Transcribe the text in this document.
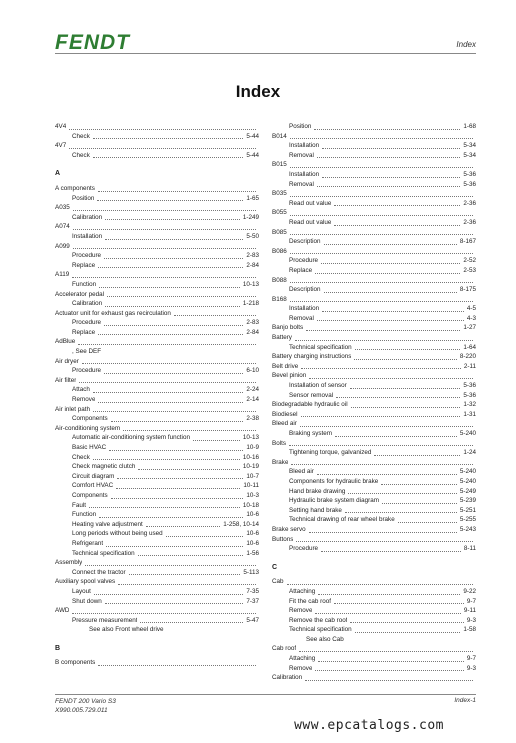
FENDT	Index
Index
4V4
Check	5-44
4V7
Check	5-44
A
A components
Position	1-65
A035
Calibration	1-249
A074
Installation	5-50
A099
Procedure	2-83
Replace	2-84
A119
Function	10-13
Accelerator pedal
Calibration	1-218
Actuator unit for exhaust gas recirculation
Procedure	2-83
Replace	2-84
AdBlue
, See DEF
Air dryer
Procedure	6-10
Air filter
Attach	2-24
Remove	2-14
Air inlet path
Components	2-38
Air-conditioning system
Automatic air-conditioning system function	10-13
Basic HVAC	10-9
Check	10-16
Check magnetic clutch	10-19
Circuit diagram	10-7
Comfort HVAC	10-11
Components	10-3
Fault	10-18
Function	10-6
Heating valve adjustment	1-258, 10-14
Long periods without being used	10-6
Refrigerant	10-6
Technical specification	1-56
Assembly
Connect the tractor	5-113
Auxiliary spool valves
Layout	7-35
Shut down	7-37
AWD
Pressure measurement	5-47
See also Front wheel drive
B
B components
Position	1-68
B014
Installation	5-34
Removal	5-34
B015
Installation	5-36
Removal	5-36
B035
Read out value	2-36
B055
Read out value	2-36
B085
Description	8-167
B086
Procedure	2-52
Replace	2-53
B088
Description	8-175
B168
Installation	4-5
Removal	4-3
Banjo bolts	1-27
Battery
Technical specification	1-64
Battery charging instructions	8-220
Belt drive	2-11
Bevel pinion
Installation of sensor	5-36
Sensor removal	5-36
Biodegradable hydraulic oil	1-32
Biodiesel	1-31
Bleed air
Braking system	5-240
Bolts
Tightening torque, galvanized	1-24
Brake
Bleed air	5-240
Components for hydraulic brake	5-240
Hand brake drawing	5-249
Hydraulic brake system diagram	5-239
Setting hand brake	5-251
Technical drawing of rear wheel brake	5-255
Brake servo	5-243
Buttons
Procedure	8-11
C
Cab
Attaching	9-22
Fit the cab roof	9-7
Remove	9-11
Remove the cab roof	9-3
Technical specification	1-58
See also Cab
Cab roof
Attaching	9-7
Remove	9-3
Calibration
FENDT 200 Vario S3
X990.005.729.011
Index-1
www.epcatalogs.com
